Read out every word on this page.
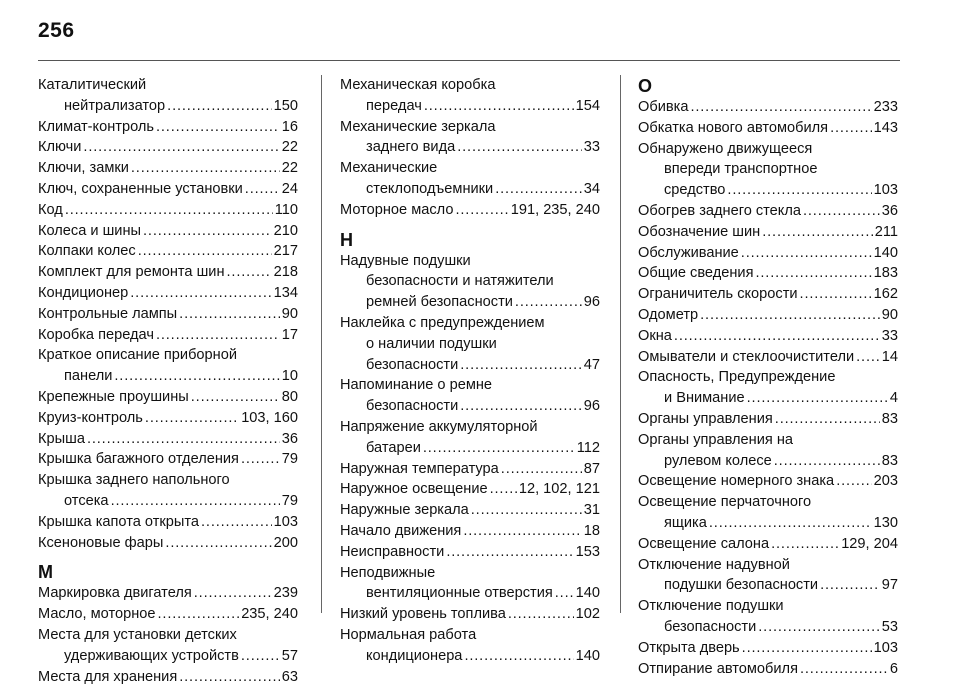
256
Каталитический
нейтрализатор . . .	150
Климат-контроль . . .	16
Ключи . . .	22
Ключи, замки . . .	22
Ключ, сохраненные установки . . .	24
Код . . .	110
Колеса и шины . . .	210
Колпаки колес . . .	217
Комплект для ремонта шин . . .	218
Кондиционер . . .	134
Контрольные лампы . . .	90
Коробка передач . . .	17
Краткое описание приборной
панели . . .	10
Крепежные проушины . . .	80
Круиз-контроль . . .	103, 160
Крыша . . .	36
Крышка багажного отделения . . .	79
Крышка заднего напольного
отсека . . .	79
Крышка капота открыта . . .	103
Ксеноновые фары . . .	200
М
Маркировка двигателя . . .	239
Масло, моторное . . .	235, 240
Места для установки детских
удерживающих устройств . . .	57
Места для хранения . . .	63
Механическая коробка
передач . . .	154
Механические зеркала
заднего вида . . .	33
Механические
стеклоподъемники . . .	34
Моторное масло . . .	191, 235, 240
Н
Надувные подушки
безопасности и натяжители
ремней безопасности . . .	96
Наклейка с предупреждением
о наличии подушки
безопасности . . .	47
Напоминание о ремне
безопасности . . .	96
Напряжение аккумуляторной
батареи . . .	112
Наружная температура . . .	87
Наружное освещение . . . 12, 102, 121
Наружные зеркала . . .	31
Начало движения . . .	18
Неисправности . . .	153
Неподвижные
вентиляционные отверстия . . . 140
Низкий уровень топлива . . .	102
Нормальная работа
кондиционера . . .	140
О
Обивка . . .	233
Обкатка нового автомобиля . . .	143
Обнаружено движущееся
впереди транспортное
средство . . .	103
Обогрев заднего стекла . . .	36
Обозначение шин . . .	211
Обслуживание . . .	140
Общие сведения . . .	183
Ограничитель скорости . . .	162
Одометр . . .	90
Окна . . .	33
Омыватели и стеклоочистители . . . 14
Опасность, Предупреждение
и Внимание . . .	4
Органы управления . . .	83
Органы управления на
рулевом колесе . . .	83
Освещение номерного знака . . .	203
Освещение перчаточного
ящика . . .	130
Освещение салона . . .	129, 204
Отключение надувной
подушки безопасности . . .	97
Отключение подушки
безопасности . . .	53
Открыта дверь . . .	103
Отпирание автомобиля . . .	6
